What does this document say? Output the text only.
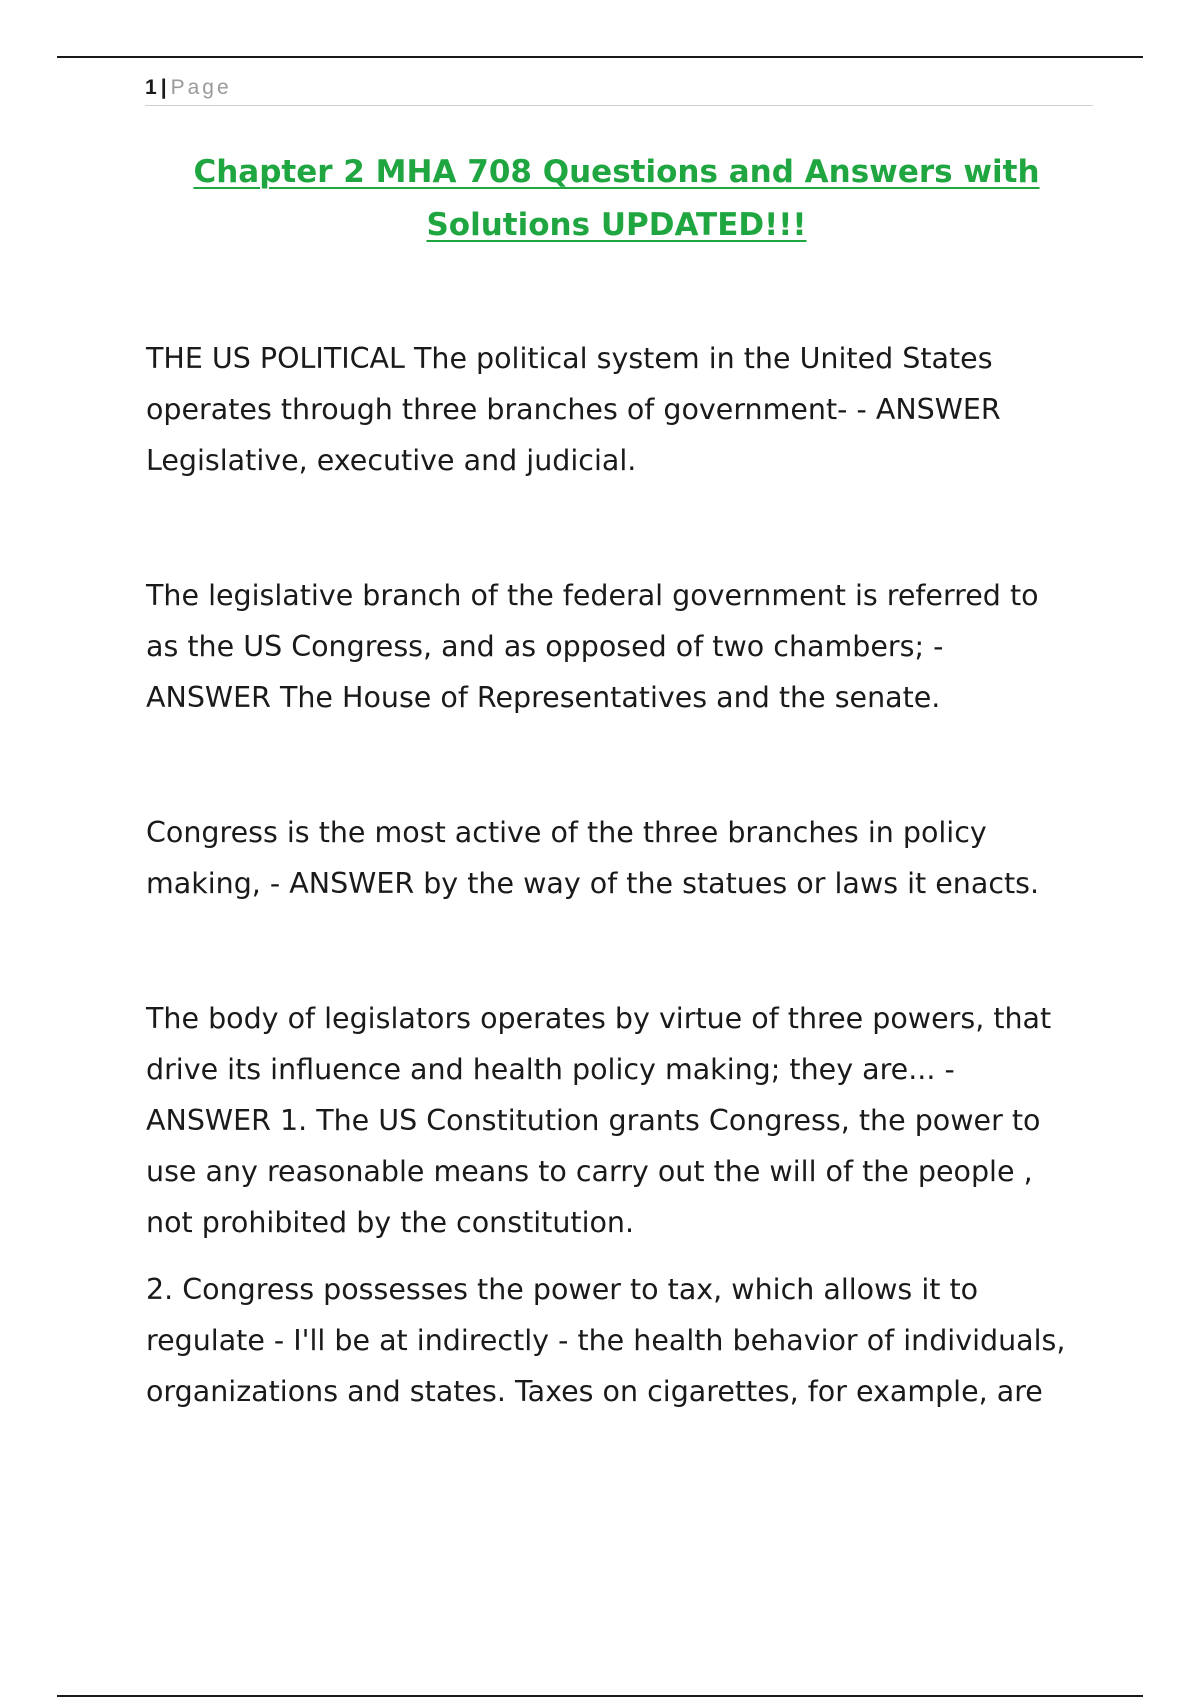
1 | Page
Chapter 2 MHA 708 Questions and Answers with
Solutions UPDATED!!!

THE US POLITICAL The political system in the United States
operates through three branches of government- - ANSWER
Legislative, executive and judicial.

The legislative branch of the federal government is referred to
as the US Congress, and as opposed of two chambers; -
ANSWER The House of Representatives and the senate.

Congress is the most active of the three branches in policy
making, - ANSWER by the way of the statues or laws it enacts.

The body of legislators operates by virtue of three powers, that
drive its influence and health policy making; they are... -
ANSWER 1. The US Constitution grants Congress, the power to
use any reasonable means to carry out the will of the people ,
not prohibited by the constitution.

2. Congress possesses the power to tax, which allows it to
regulate - I'll be at indirectly - the health behavior of individuals,
organizations and states. Taxes on cigarettes, for example, are
